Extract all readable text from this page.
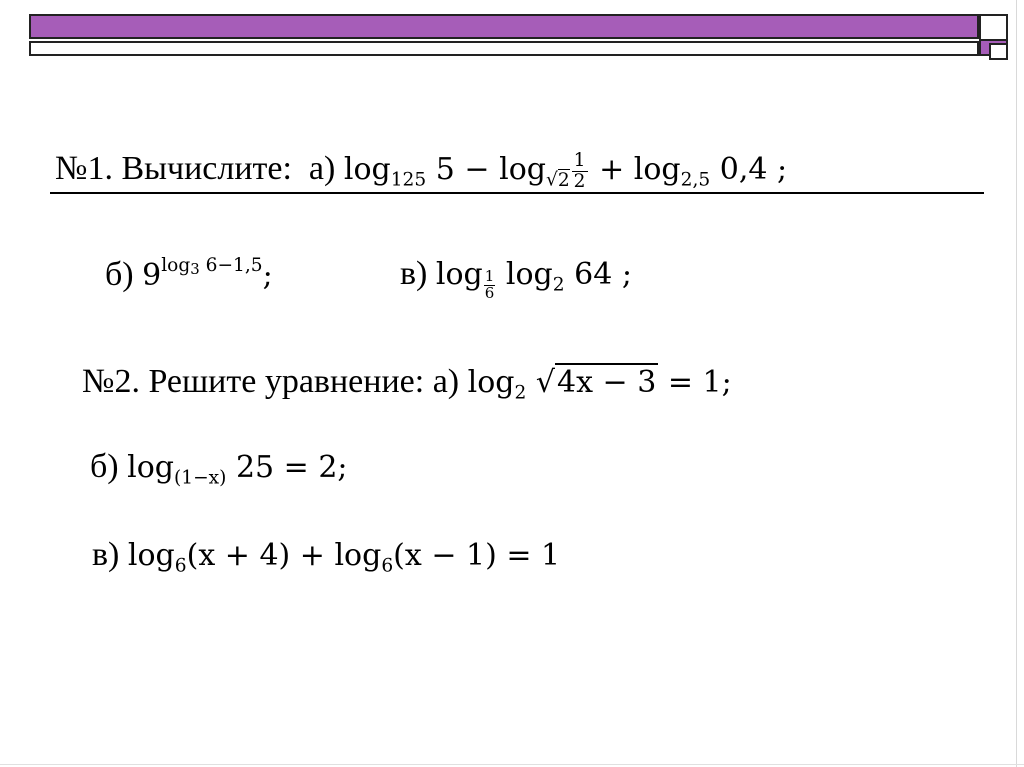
№1. Вычислите: а) $\log_{125} 5 - \log_{√2} \frac{1}{2} + \log_{2,5} 0,4$ ;
б) $9^{log3 6-1,5}$;	в) $\log \frac{1}{6} \log_2 64$ ;
№2. Решите уравнение: а) $\log_2 √4x - 3 = 1$;
б) $\log_{(1-x)} 25 = 2$;
в) $\log_6(x + 4) + \log_6(x - 1) = 1$
